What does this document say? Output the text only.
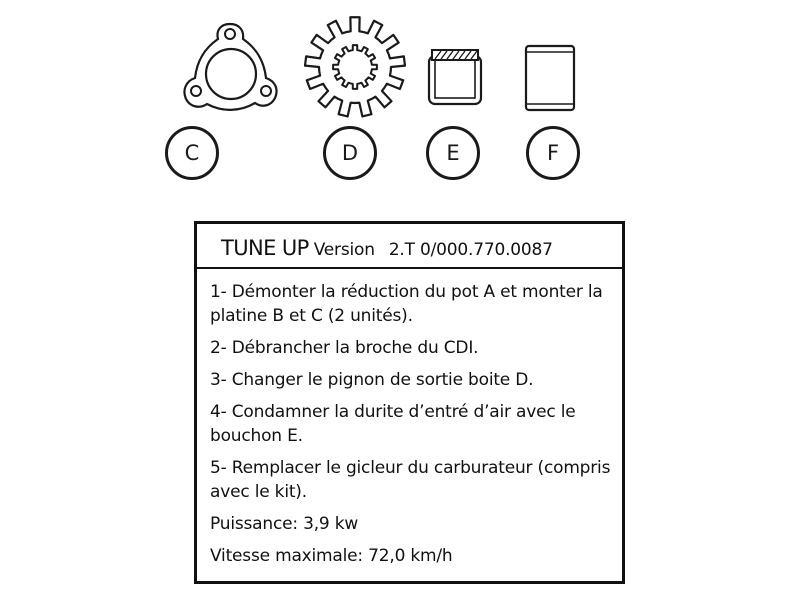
C	D	E	F
TUNE UP Version 2.T 0/000.770.0087

1- Démonter la réduction du pot A et monter la platine B et C (2 unités).

2- Débrancher la broche du CDI.

3- Changer le pignon de sortie boite D.

4- Condamner la durite d’entré d’air avec le bouchon E.

5- Remplacer le gicleur du carburateur (compris avec le kit).

Puissance: 3,9 kw

Vitesse maximale: 72,0 km/h
